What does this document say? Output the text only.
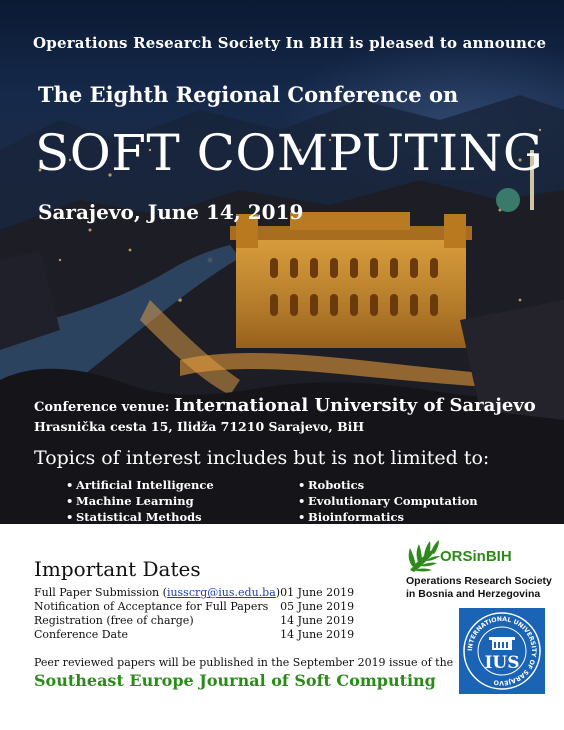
Operations Research Society In BIH is pleased to announce
The Eighth Regional Conference on
SOFT COMPUTING
Sarajevo, June 14, 2019
Conference venue: International University of Sarajevo
Hrasnička cesta 15, Ilidža 71210 Sarajevo, BiH
Topics of interest includes but is not limited to:
• Artificial Intelligence
• Machine Learning
• Statistical Methods
• Robotics
• Evolutionary Computation
• Bioinformatics
Important Dates
Full Paper Submission (iusscrg@ius.edu.ba)	01 June 2019
Notification of Acceptance for Full Papers	05 June 2019
Registration (free of charge)	14 June 2019
Conference Date	14 June 2019
Peer reviewed papers will be published in the September 2019 issue of the
Southeast Europe Journal of Soft Computing
ORSinBIH
Operations Research Society
in Bosnia and Herzegovina
INTERNATIONAL UNIVERSITY OF SARAJEVO
IUS
